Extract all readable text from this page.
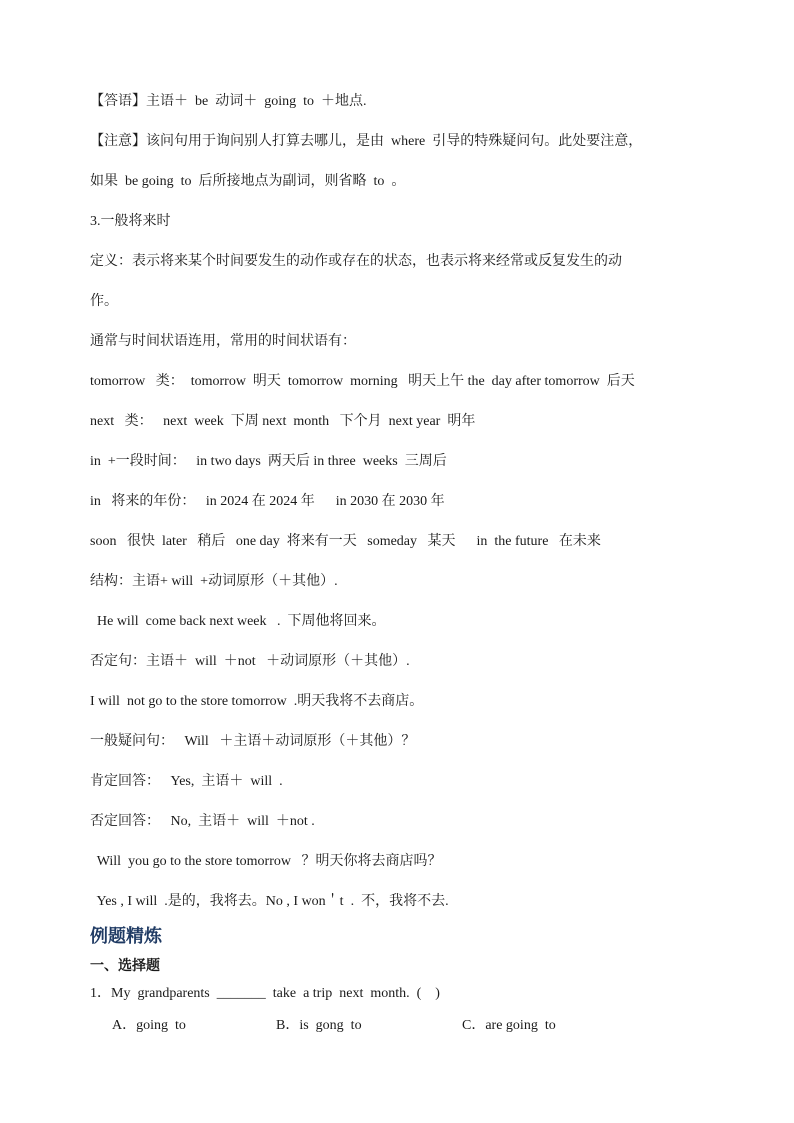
【答语】主语＋  be  动词＋  going  to  ＋地点.
【注意】该问句用于询问别人打算去哪儿，是由  where  引导的特殊疑问句。此处要注意，
如果  be going  to  后所接地点为副词，则省略  to  。
3.一般将来时
定义：表示将来某个时间要发生的动作或存在的状态，也表示将来经常或反复发生的动
作。
通常与时间状语连用，常用的时间状语有：
tomorrow   类：  tomorrow  明天  tomorrow  morning   明天上午 the  day after tomorrow  后天
next   类：   next  week  下周 next  month   下个月  next year  明年
in  +一段时间：   in two days  两天后 in three  weeks  三周后
in   将来的年份：   in 2024 在 2024 年      in 2030 在 2030 年
soon   很快  later   稍后   one day  将来有一天   someday   某天      in  the future   在未来
结构：主语+ will  +动词原形（＋其他）.
He will  come back next week   .  下周他将回来。
否定句：主语＋  will  ＋not   ＋动词原形（＋其他）.
I will  not go to the store tomorrow  .明天我将不去商店。
一般疑问句：   Will   ＋主语＋动词原形（＋其他）？
肯定回答：   Yes,  主语＋  will  .
否定回答：   No,  主语＋  will  ＋not .
Will  you go to the store tomorrow   ？明天你将去商店吗？
Yes , I will  .是的，我将去。No , I won＇t  .  不，我将不去.
例题精炼
一、选择题
1．My  grandparents  _______  take  a trip  next  month.  (    )
A．going  to	B．is  gong  to	C．are going  to
